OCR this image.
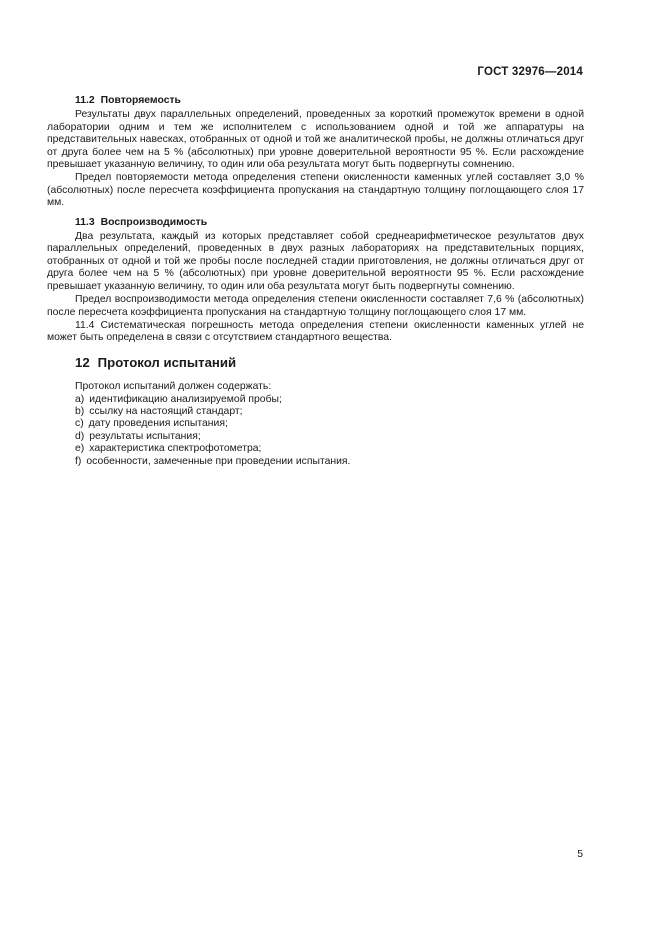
ГОСТ 32976—2014
11.2 Повторяемость

Результаты двух параллельных определений, проведенных за короткий промежуток времени в одной лаборатории одним и тем же исполнителем с использованием одной и той же аппаратуры на представительных навесках, отобранных от одной и той же аналитической пробы, не должны отличаться друг от друга более чем на 5 % (абсолютных) при уровне доверительной вероятности 95 %. Если расхождение превышает указанную величину, то один или оба результата могут быть подвергнуты сомнению.

Предел повторяемости метода определения степени окисленности каменных углей составляет 3,0 % (абсолютных) после пересчета коэффициента пропускания на стандартную толщину поглощающего слоя 17 мм.

11.3 Воспроизводимость

Два результата, каждый из которых представляет собой среднеарифметическое результатов двух параллельных определений, проведенных в двух разных лабораториях на представительных порциях, отобранных от одной и той же пробы после последней стадии приготовления, не должны отличаться друг от друга более чем на 5 % (абсолютных) при уровне доверительной вероятности 95 %. Если расхождение превышает указанную величину, то один или оба результата могут быть подвергнуты сомнению.

Предел воспроизводимости метода определения степени окисленности составляет 7,6 % (абсолютных) после пересчета коэффициента пропускания на стандартную толщину поглощающего слоя 17 мм.

11.4 Систематическая погрешность метода определения степени окисленности каменных углей не может быть определена в связи с отсутствием стандартного вещества.

12 Протокол испытаний
Протокол испытаний должен содержать:
a) идентификацию анализируемой пробы;
b) ссылку на настоящий стандарт;
c) дату проведения испытания;
d) результаты испытания;
e) характеристика спектрофотометра;
f) особенности, замеченные при проведении испытания.
5
